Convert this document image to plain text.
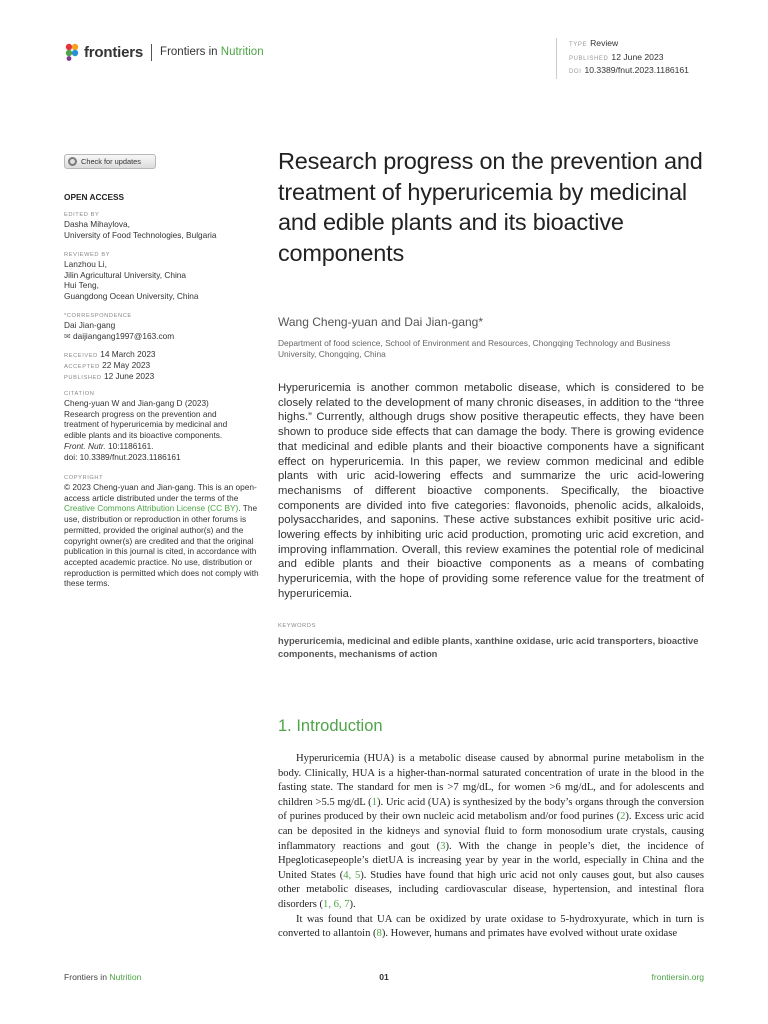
frontiers Frontiers in Nutrition
TYPE Review
PUBLISHED 12 June 2023
DOI 10.3389/fnut.2023.1186161
Check for updates
OPEN ACCESS
EDITED BY
Dasha Mihaylova,
University of Food Technologies, Bulgaria
REVIEWED BY
Lanzhou Li,
Jilin Agricultural University, China
Hui Teng,
Guangdong Ocean University, China
*CORRESPONDENCE
Dai Jian-gang
✉ daijiangang1997@163.com
RECEIVED 14 March 2023
ACCEPTED 22 May 2023
PUBLISHED 12 June 2023
CITATION
Cheng-yuan W and Jian-gang D (2023)
Research progress on the prevention and
treatment of hyperuricemia by medicinal and
edible plants and its bioactive components.
Front. Nutr. 10:1186161.
doi: 10.3389/fnut.2023.1186161
COPYRIGHT
© 2023 Cheng-yuan and Jian-gang. This is an open-access article distributed under the terms of the Creative Commons Attribution License (CC BY). The use, distribution or reproduction in other forums is permitted, provided the original author(s) and the copyright owner(s) are credited and that the original publication in this journal is cited, in accordance with accepted academic practice. No use, distribution or reproduction is permitted which does not comply with these terms.
Research progress on the prevention and treatment of hyperuricemia by medicinal and edible plants and its bioactive components
Wang Cheng-yuan and Dai Jian-gang*
Department of food science, School of Environment and Resources, Chongqing Technology and Business University, Chongqing, China
Hyperuricemia is another common metabolic disease, which is considered to be closely related to the development of many chronic diseases, in addition to the “three highs.” Currently, although drugs show positive therapeutic effects, they have been shown to produce side effects that can damage the body. There is growing evidence that medicinal and edible plants and their bioactive components have a significant effect on hyperuricemia. In this paper, we review common medicinal and edible plants with uric acid-lowering effects and summarize the uric acid-lowering mechanisms of different bioactive components. Specifically, the bioactive components are divided into five categories: flavonoids, phenolic acids, alkaloids, polysaccharides, and saponins. These active substances exhibit positive uric acid-lowering effects by inhibiting uric acid production, promoting uric acid excretion, and improving inflammation. Overall, this review examines the potential role of medicinal and edible plants and their bioactive components as a means of combating hyperuricemia, with the hope of providing some reference value for the treatment of hyperuricemia.
KEYWORDS
hyperuricemia, medicinal and edible plants, xanthine oxidase, uric acid transporters, bioactive components, mechanisms of action
1. Introduction

Hyperuricemia (HUA) is a metabolic disease caused by abnormal purine metabolism in the body. Clinically, HUA is a higher-than-normal saturated concentration of urate in the blood in the fasting state. The standard for men is >7 mg/dL, for women >6 mg/dL, and for adolescents and children >5.5 mg/dL (1). Uric acid (UA) is synthesized by the body’s organs through the conversion of purines produced by their own nucleic acid metabolism and/or food purines (2). Excess uric acid can be deposited in the kidneys and synovial fluid to form monosodium urate crystals, causing inflammatory reactions and gout (3). With the change in people’s diet, the incidence of Hpegloticasepeople’s dietUA is increasing year by year in the world, especially in China and the United States (4, 5). Studies have found that high uric acid not only causes gout, but also causes other metabolic diseases, including cardiovascular disease, hypertension, and intestinal flora disorders (1, 6, 7).

It was found that UA can be oxidized by urate oxidase to 5-hydroxyurate, which in turn is converted to allantoin (8). However, humans and primates have evolved without urate oxidase

Frontiers in Nutrition	01	frontiersin.org
